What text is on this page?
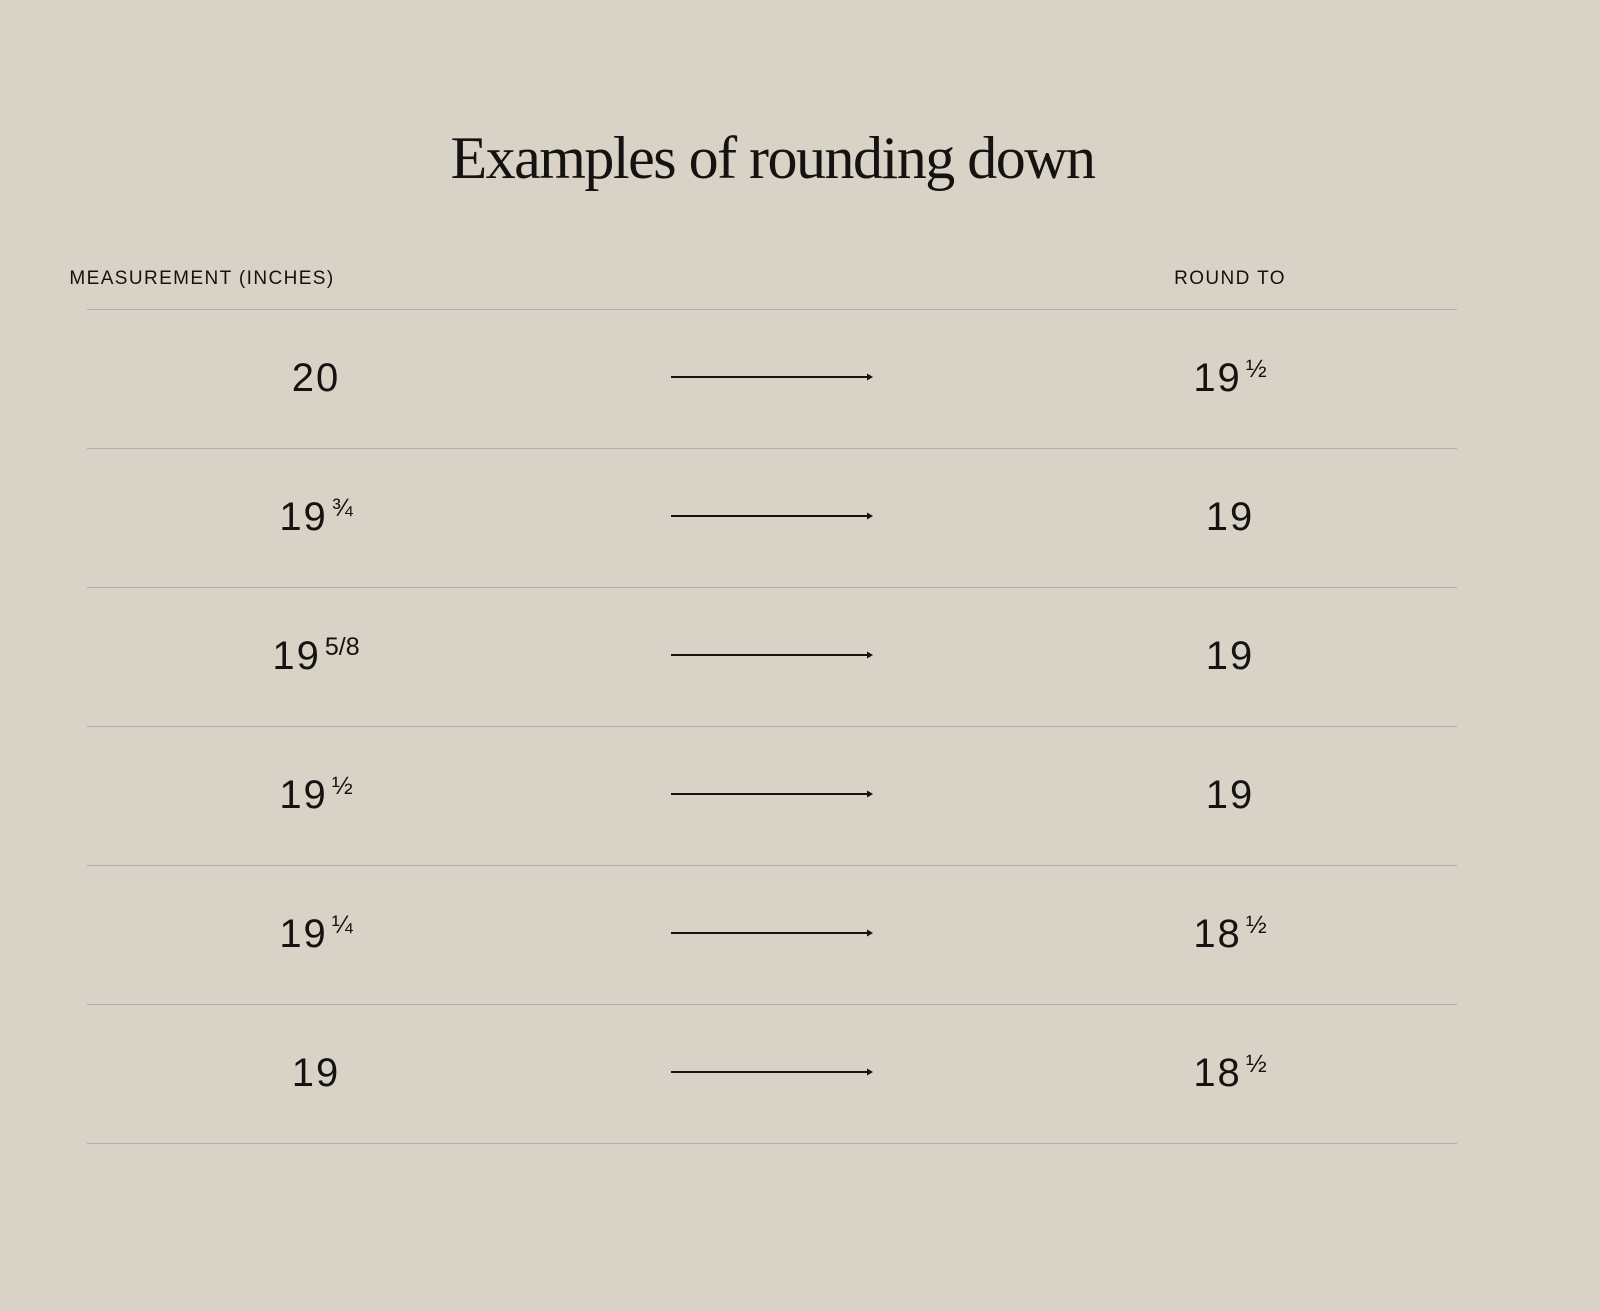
Examples of rounding down
MEASUREMENT (INCHES)	ROUND TO
20	19 ½
19 ¾	19
19 5/8	19
19 ½	19
19 ¼	18 ½
19	18 ½
